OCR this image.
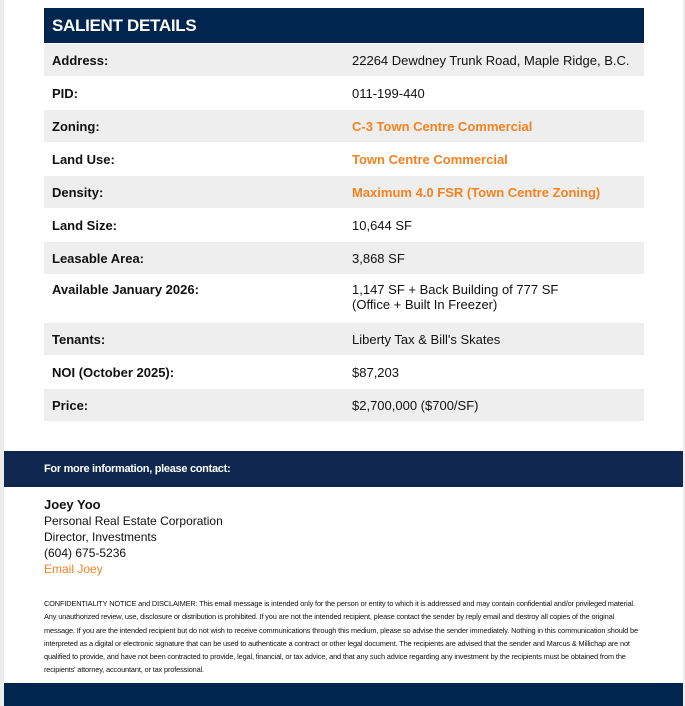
SALIENT DETAILS
Address:	22264 Dewdney Trunk Road, Maple Ridge, B.C.
PID:	011-199-440
Zoning:	C-3 Town Centre Commercial
Land Use:	Town Centre Commercial
Density:	Maximum 4.0 FSR (Town Centre Zoning)
Land Size:	10,644 SF
Leasable Area:	3,868 SF
Available January 2026:	1,147 SF + Back Building of 777 SF
(Office + Built In Freezer)
Tenants:	Liberty Tax & Bill's Skates
NOI (October 2025):	$87,203
Price:	$2,700,000 ($700/SF)
For more information, please contact:
Joey Yoo
Personal Real Estate Corporation
Director, Investments
(604) 675-5236
Email Joey
CONFIDENTIALITY NOTICE and DISCLAIMER: This email message is intended only for the person or entity to which it is addressed and may contain confidential and/or privileged material. Any unauthorized review, use, disclosure or distribution is prohibited. If you are not the intended recipient, please contact the sender by reply email and destroy all copies of the original message. If you are the intended recipient but do not wish to receive communications through this medium, please so advise the sender immediately. Nothing in this communication should be interpreted as a digital or electronic signature that can be used to authenticate a contract or other legal document. The recipients are advised that the sender and Marcus & Millichap are not qualified to provide, and have not been contracted to provide, legal, financial, or tax advice, and that any such advice regarding any investment by the recipients must be obtained from the recipients' attorney, accountant, or tax professional.
